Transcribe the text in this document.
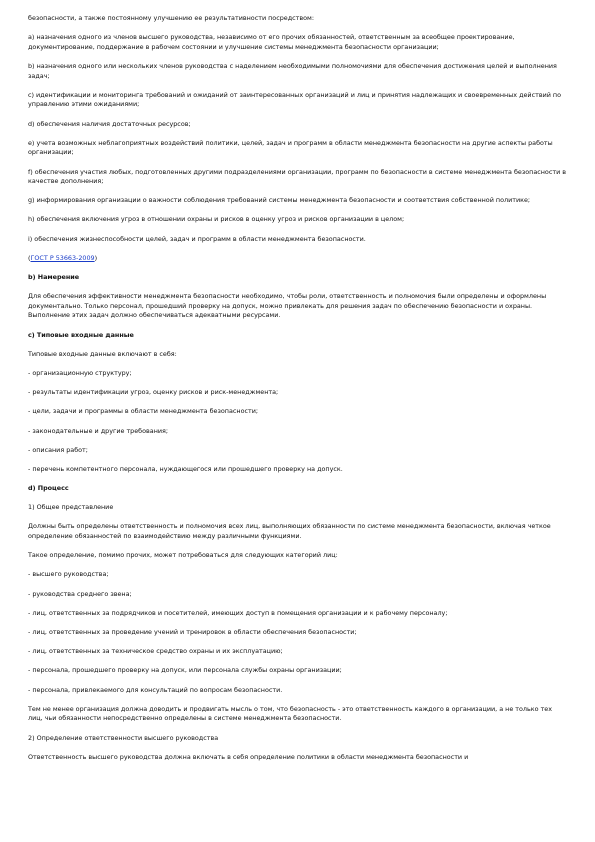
безопасности, а также постоянному улучшению ее результативности посредством:

a) назначения одного из членов высшего руководства, независимо от его прочих обязанностей, ответственным за всеобщее проектирование, документирование, поддержание в рабочем состоянии и улучшение системы менеджмента безопасности организации;

b) назначения одного или нескольких членов руководства с наделением необходимыми полномочиями для обеспечения достижения целей и выполнения задач;

c) идентификации и мониторинга требований и ожиданий от заинтересованных организаций и лиц и принятия надлежащих и своевременных действий по управлению этими ожиданиями;

d) обеспечения наличия достаточных ресурсов;

e) учета возможных неблагоприятных воздействий политики, целей, задач и программ в области менеджмента безопасности на другие аспекты работы организации;

f) обеспечения участия любых, подготовленных другими подразделениями организации, программ по безопасности в системе менеджмента безопасности в качестве дополнения;

g) информирования организации о важности соблюдения требований системы менеджмента безопасности и соответствия собственной политике;

h) обеспечения включения угроз в отношении охраны и рисков в оценку угроз и рисков организации в целом;

i) обеспечения жизнеспособности целей, задач и программ в области менеджмента безопасности.

(ГОСТ Р 53663-2009)

b) Намерение

Для обеспечения эффективности менеджмента безопасности необходимо, чтобы роли, ответственность и полномочия были определены и оформлены документально. Только персонал, прошедший проверку на допуск, можно привлекать для решения задач по обеспечению безопасности и охраны. Выполнение этих задач должно обеспечиваться адекватными ресурсами.

c) Типовые входные данные

Типовые входные данные включают в себя:

- организационную структуру;

- результаты идентификации угроз, оценку рисков и риск-менеджмента;

- цели, задачи и программы в области менеджмента безопасности;

- законодательные и другие требования;

- описания работ;

- перечень компетентного персонала, нуждающегося или прошедшего проверку на допуск.

d) Процесс

1) Общее представление

Должны быть определены ответственность и полномочия всех лиц, выполняющих обязанности по системе менеджмента безопасности, включая четкое определение обязанностей по взаимодействию между различными функциями.

Такое определение, помимо прочих, может потребоваться для следующих категорий лиц:

- высшего руководства;

- руководства среднего звена;

- лиц, ответственных за подрядчиков и посетителей, имеющих доступ в помещения организации и к рабочему персоналу;

- лиц, ответственных за проведение учений и тренировок в области обеспечения безопасности;

- лиц, ответственных за техническое средство охраны и их эксплуатацию;

- персонала, прошедшего проверку на допуск, или персонала службы охраны организации;

- персонала, привлекаемого для консультаций по вопросам безопасности.

Тем не менее организация должна доводить и продвигать мысль о том, что безопасность - это ответственность каждого в организации, а не только тех лиц, чьи обязанности непосредственно определены в системе менеджмента безопасности.

2) Определение ответственности высшего руководства

Ответственность высшего руководства должна включать в себя определение политики в области менеджмента безопасности и
